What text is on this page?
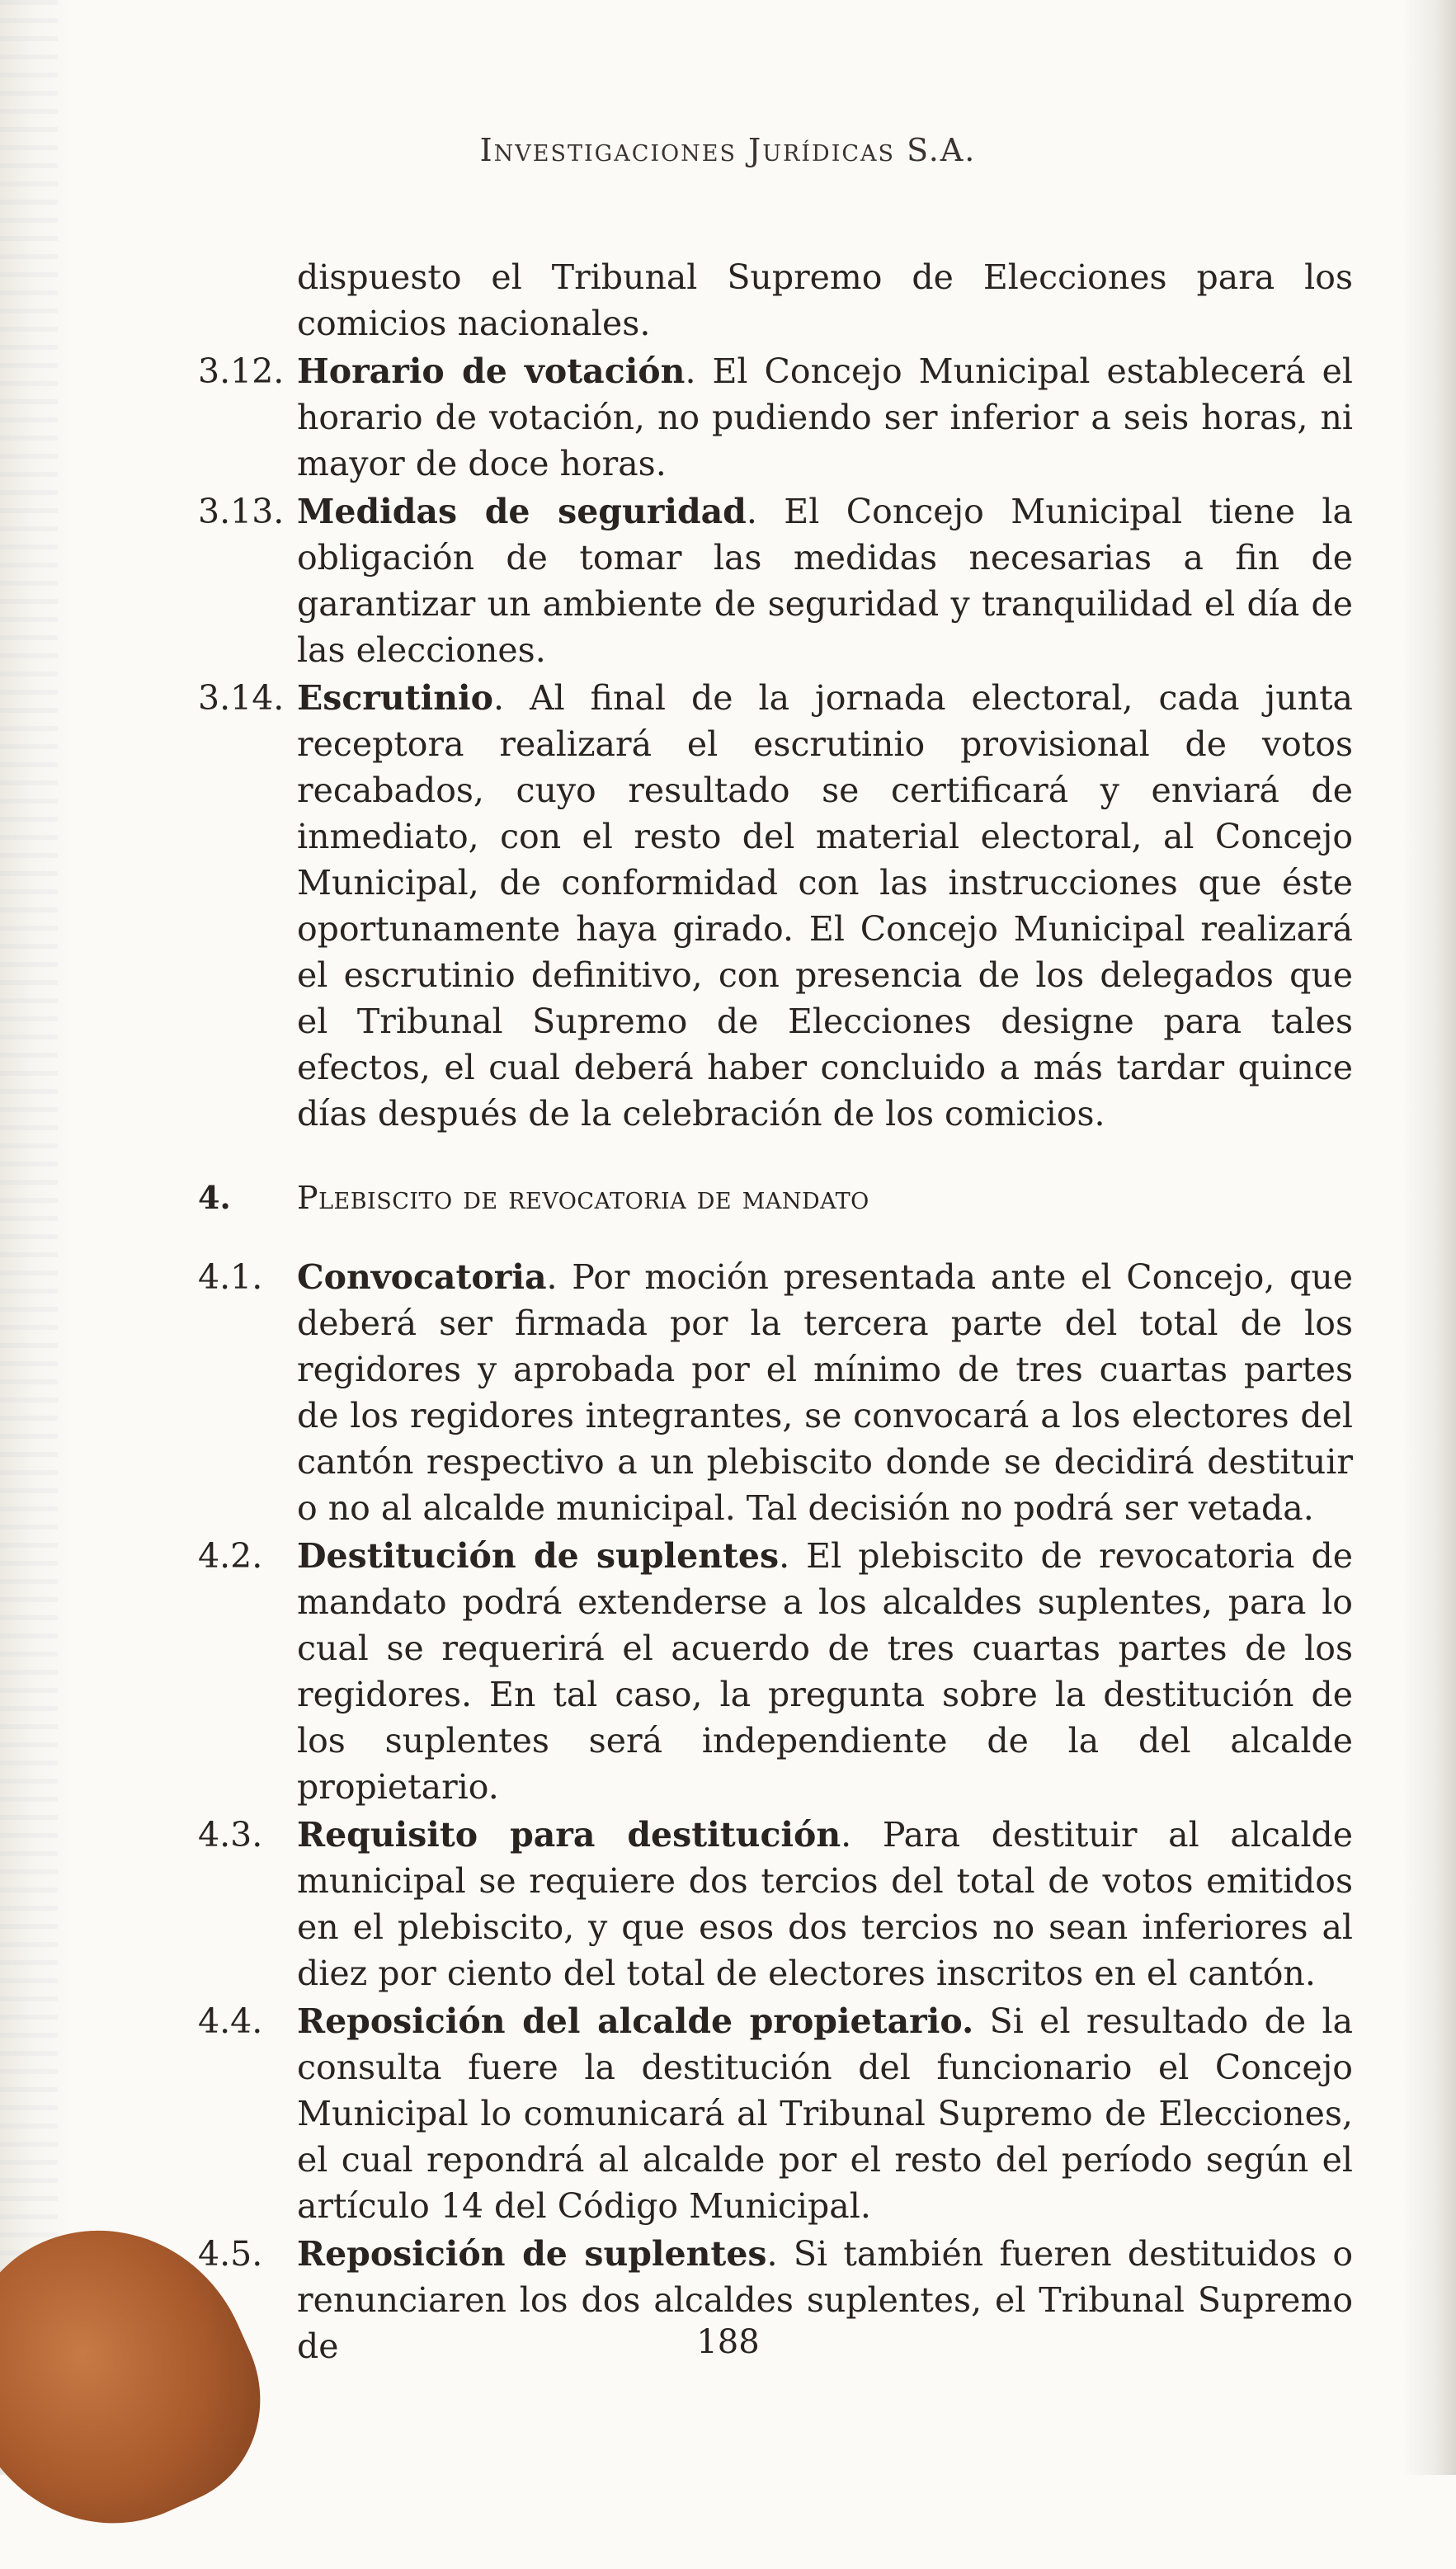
Investigaciones Jurídicas S.A.
dispuesto el Tribunal Supremo de Elecciones para los comicios nacionales.
3.12. Horario de votación. El Concejo Municipal establecerá el horario de votación, no pudiendo ser inferior a seis horas, ni mayor de doce horas.
3.13. Medidas de seguridad. El Concejo Municipal tiene la obligación de tomar las medidas necesarias a fin de garantizar un ambiente de seguridad y tranquilidad el día de las elecciones.
3.14. Escrutinio. Al final de la jornada electoral, cada junta receptora realizará el escrutinio provisional de votos recabados, cuyo resultado se certificará y enviará de inmediato, con el resto del material electoral, al Concejo Municipal, de conformidad con las instrucciones que éste oportunamente haya girado. El Concejo Municipal realizará el escrutinio definitivo, con presencia de los delegados que el Tribunal Supremo de Elecciones designe para tales efectos, el cual deberá haber concluido a más tardar quince días después de la celebración de los comicios.
4.	Plebiscito de revocatoria de mandato
4.1.	Convocatoria. Por moción presentada ante el Concejo, que deberá ser firmada por la tercera parte del total de los regidores y aprobada por el mínimo de tres cuartas partes de los regidores integrantes, se convocará a los electores del cantón respectivo a un plebiscito donde se decidirá destituir o no al alcalde municipal. Tal decisión no podrá ser vetada.
4.2.	Destitución de suplentes. El plebiscito de revocatoria de mandato podrá extenderse a los alcaldes suplentes, para lo cual se requerirá el acuerdo de tres cuartas partes de los regidores. En tal caso, la pregunta sobre la destitución de los suplentes será independiente de la del alcalde propietario.
4.3.	Requisito para destitución. Para destituir al alcalde municipal se requiere dos tercios del total de votos emitidos en el plebiscito, y que esos dos tercios no sean inferiores al diez por ciento del total de electores inscritos en el cantón.
4.4.	Reposición del alcalde propietario. Si el resultado de la consulta fuere la destitución del funcionario el Concejo Municipal lo comunicará al Tribunal Supremo de Elecciones, el cual repondrá al alcalde por el resto del período según el artículo 14 del Código Municipal.
4.5.	Reposición de suplentes. Si también fueren destituidos o renunciaren los dos alcaldes suplentes, el Tribunal Supremo de	188
